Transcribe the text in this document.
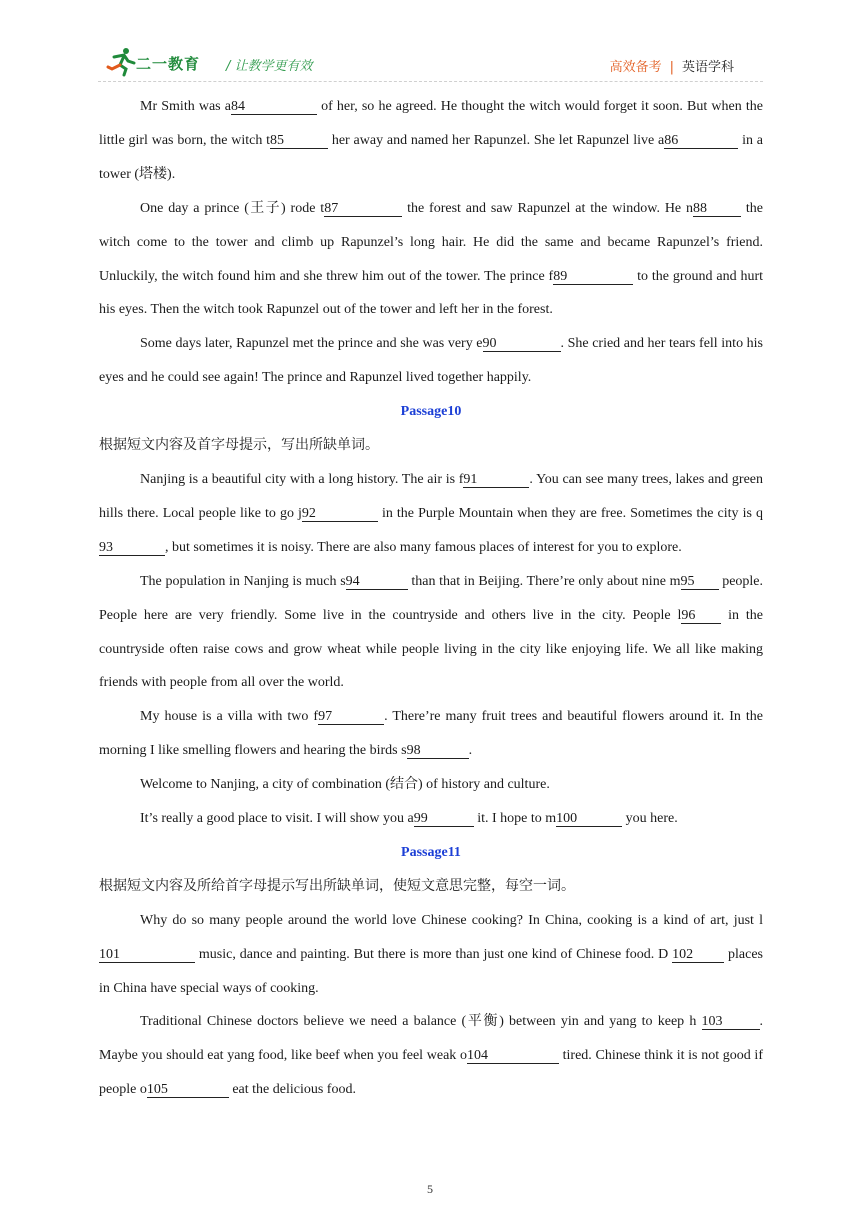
二一教育 / 让教学更有效	高效备考 | 英语学科

Mr Smith was a84	of her, so he agreed. He thought the witch would forget it soon. But when the little girl was born, the witch t85	her away and named her Rapunzel. She let Rapunzel live a86	in a tower (塔楼).

One day a prince (王子) rode t87	the forest and saw Rapunzel at the window. He n88 the witch come to the tower and climb up Rapunzel’s long hair. He did the same and became Rapunzel’s friend. Unluckily, the witch found him and she threw him out of the tower. The prince f89	to the ground and hurt his eyes. Then the witch took Rapunzel out of the tower and left her in the forest.

Some days later, Rapunzel met the prince and she was very e90	. She cried and her tears fell into his eyes and he could see again! The prince and Rapunzel lived together happily.

Passage10

根据短文内容及首字母提示，写出所缺单词。

Nanjing is a beautiful city with a long history. The air is f91	. You can see many trees, lakes and green hills there. Local people like to go j92	in the Purple Mountain when they are free. Sometimes the city is q93	, but sometimes it is noisy. There are also many famous places of interest for you to explore.

The population in Nanjing is much s94	than that in Beijing. There’re only about nine m95 people. People here are very friendly. Some live in the countryside and others live in the city. People l96 in the countryside often raise cows and grow wheat while people living in the city like enjoying life. We all like making friends with people from all over the world.

My house is a villa with two f97	. There’re many fruit trees and beautiful flowers around it. In the morning I like smelling flowers and hearing the birds s98	.

Welcome to Nanjing, a city of combination (结合) of history and culture.

It’s really a good place to visit. I will show you a99	it. I hope to m100	you here.

Passage11

根据短文内容及所给首字母提示写出所缺单词，使短文意思完整，每空一词。

Why do so many people around the world love Chinese cooking? In China, cooking is a kind of art, just l101	music, dance and painting. But there is more than just one kind of Chinese food. D 102 places in China have special ways of cooking.

Traditional Chinese doctors believe we need a balance (平衡) between yin and yang to keep h 103	. Maybe you should eat yang food, like beef when you feel weak o104	tired. Chinese think it is not good if people o105	eat the delicious food.

5
